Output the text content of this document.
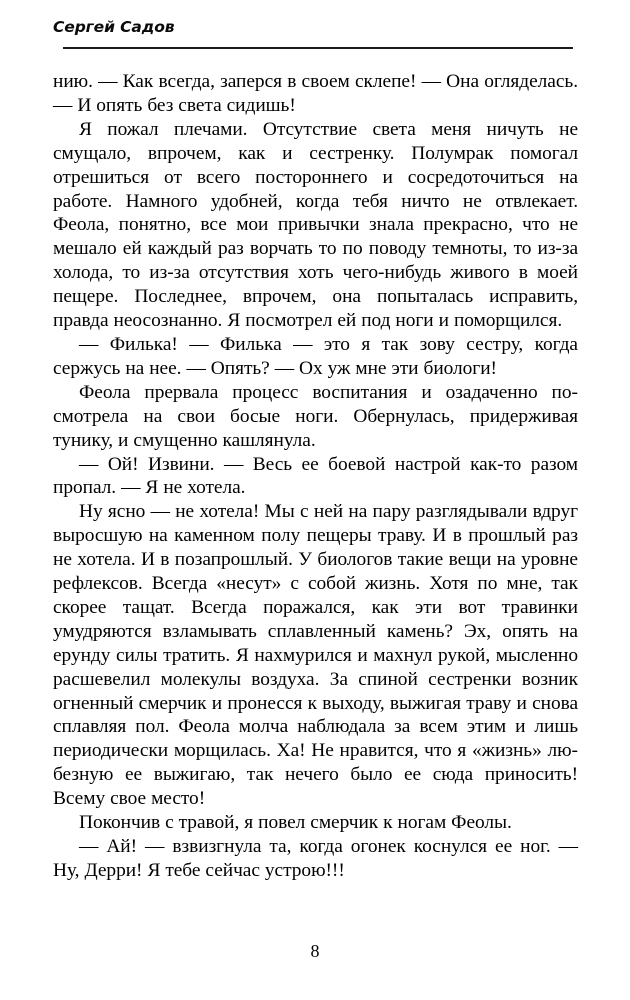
Сергей Садов

нию. — Как всегда, заперся в своем склепе! — Она огляделась. — И опять без света сидишь!

Я пожал плечами. Отсутствие света меня ничуть не смущало, впрочем, как и сестренку. Полумрак помогал отрешиться от всего постороннего и сосредоточиться на работе. Намного удобней, когда тебя ничто не отвлекает. Феола, понятно, все мои привычки знала прекрасно, что не мешало ей каждый раз ворчать то по поводу темноты, то из-за холода, то из-за отсутствия хоть чего-нибудь живого в моей пещере. Последнее, впрочем, она попыталась исправить, правда неосознанно. Я посмотрел ей под ноги и поморщился.

— Филька! — Филька — это я так зову сестру, когда сержусь на нее. — Опять? — Ох уж мне эти биологи!

Феола прервала процесс воспитания и озадаченно посмотрела на свои босые ноги. Обернулась, придерживая тунику, и смущенно кашлянула.

— Ой! Извини. — Весь ее боевой настрой как-то разом пропал. — Я не хотела.

Ну ясно — не хотела! Мы с ней на пару разглядывали вдруг выросшую на каменном полу пещеры траву. И в прошлый раз не хотела. И в позапрошлый. У биологов такие вещи на уровне рефлексов. Всегда «несут» с собой жизнь. Хотя по мне, так скорее тащат. Всегда поражался, как эти вот травинки умудряются взламывать сплавленный камень? Эх, опять на ерунду силы тратить. Я нахмурился и махнул рукой, мысленно расшевелил молекулы воздуха. За спиной сестренки возник огненный смерчик и пронесся к выходу, выжигая траву и снова сплавляя пол. Феола молча наблюдала за всем этим и лишь периодически морщилась. Ха! Не нравится, что я «жизнь» любезную ее выжигаю, так нечего было ее сюда приносить! Всему свое место!

Покончив с травой, я повел смерчик к ногам Феолы.

— Ай! — взвизгнула та, когда огонек коснулся ее ног. — Ну, Дерри! Я тебе сейчас устрою!!!

8
